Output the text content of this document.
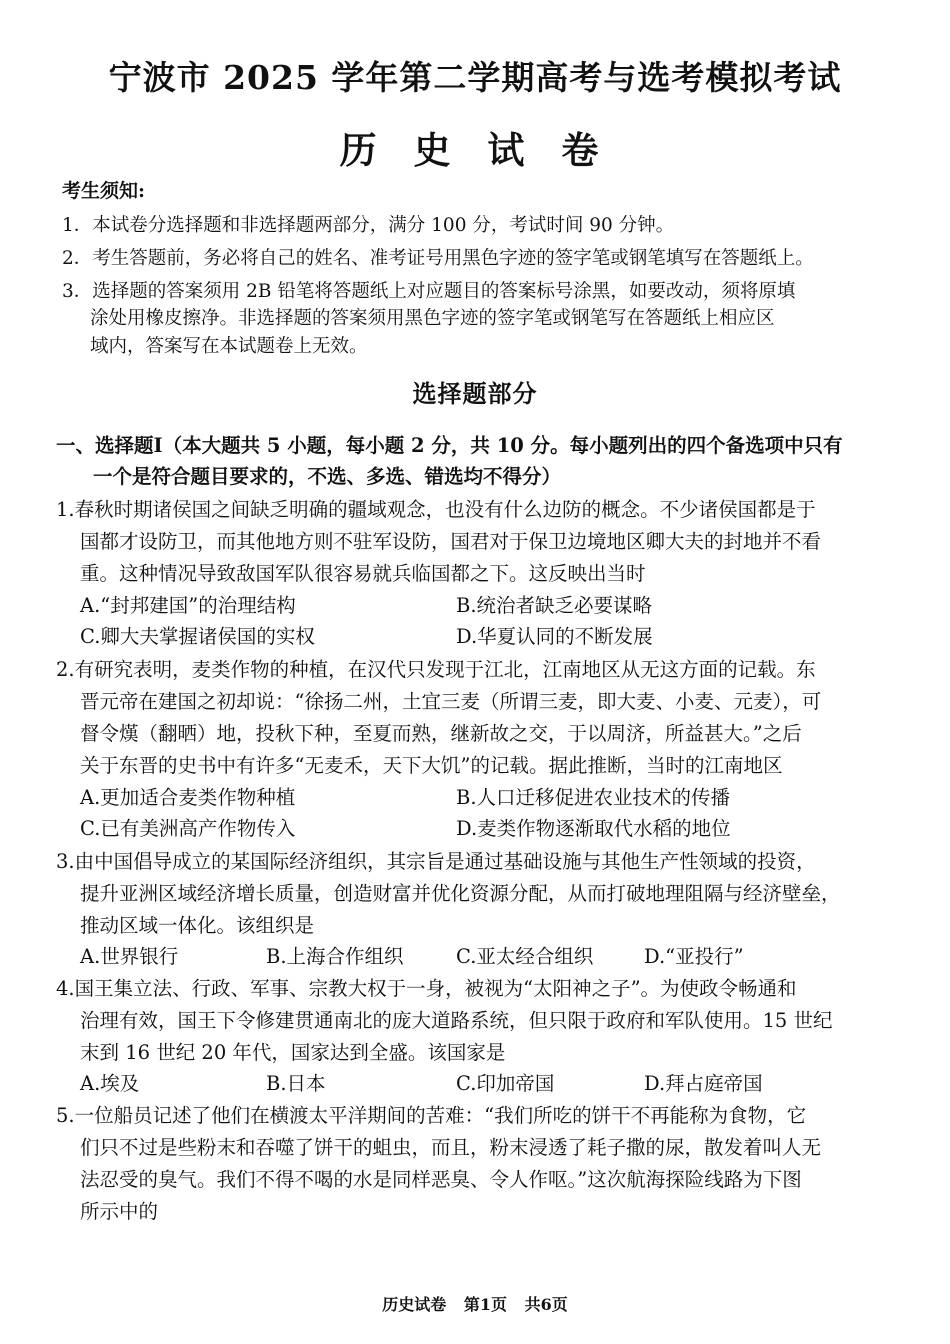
宁波市 2025 学年第二学期高考与选考模拟考试
历 史 试 卷
考生须知:
1．本试卷分选择题和非选择题两部分，满分 100 分，考试时间 90 分钟。
2．考生答题前，务必将自己的姓名、准考证号用黑色字迹的签字笔或钢笔填写在答题纸上。
3．选择题的答案须用 2B 铅笔将答题纸上对应题目的答案标号涂黑，如要改动，须将原填
涂处用橡皮擦净。非选择题的答案须用黑色字迹的签字笔或钢笔写在答题纸上相应区
域内，答案写在本试题卷上无效。
选择题部分
一、选择题Ⅰ（本大题共 5 小题，每小题 2 分，共 10 分。每小题列出的四个备选项中只有
一个是符合题目要求的，不选、多选、错选均不得分）
1.春秋时期诸侯国之间缺乏明确的疆域观念，也没有什么边防的概念。不少诸侯国都是于
国都才设防卫，而其他地方则不驻军设防，国君对于保卫边境地区卿大夫的封地并不看
重。这种情况导致敌国军队很容易就兵临国都之下。这反映出当时
A.“封邦建国”的治理结构	B.统治者缺乏必要谋略
C.卿大夫掌握诸侯国的实权	D.华夏认同的不断发展
2.有研究表明，麦类作物的种植，在汉代只发现于江北，江南地区从无这方面的记载。东
晋元帝在建国之初却说：“徐扬二州，土宜三麦（所谓三麦，即大麦、小麦、元麦），可
督令熯（翻晒）地，投秋下种，至夏而熟，继新故之交，于以周济，所益甚大。”之后
关于东晋的史书中有许多“无麦禾，天下大饥”的记载。据此推断，当时的江南地区
A.更加适合麦类作物种植	B.人口迁移促进农业技术的传播
C.已有美洲高产作物传入	D.麦类作物逐渐取代水稻的地位
3.由中国倡导成立的某国际经济组织，其宗旨是通过基础设施与其他生产性领域的投资，
提升亚洲区域经济增长质量，创造财富并优化资源分配，从而打破地理阻隔与经济壁垒，
推动区域一体化。该组织是
A.世界银行	B.上海合作组织	C.亚太经合组织	D.“亚投行”
4.国王集立法、行政、军事、宗教大权于一身，被视为“太阳神之子”。为使政令畅通和
治理有效，国王下令修建贯通南北的庞大道路系统，但只限于政府和军队使用。15 世纪
末到 16 世纪 20 年代，国家达到全盛。该国家是
A.埃及	B.日本	C.印加帝国	D.拜占庭帝国
5.一位船员记述了他们在横渡太平洋期间的苦难：“我们所吃的饼干不再能称为食物，它
们只不过是些粉末和吞噬了饼干的蛆虫，而且，粉末浸透了耗子撒的尿，散发着叫人无
法忍受的臭气。我们不得不喝的水是同样恶臭、令人作呕。”这次航海探险线路为下图
所示中的
历史试卷 第1页 共6页
